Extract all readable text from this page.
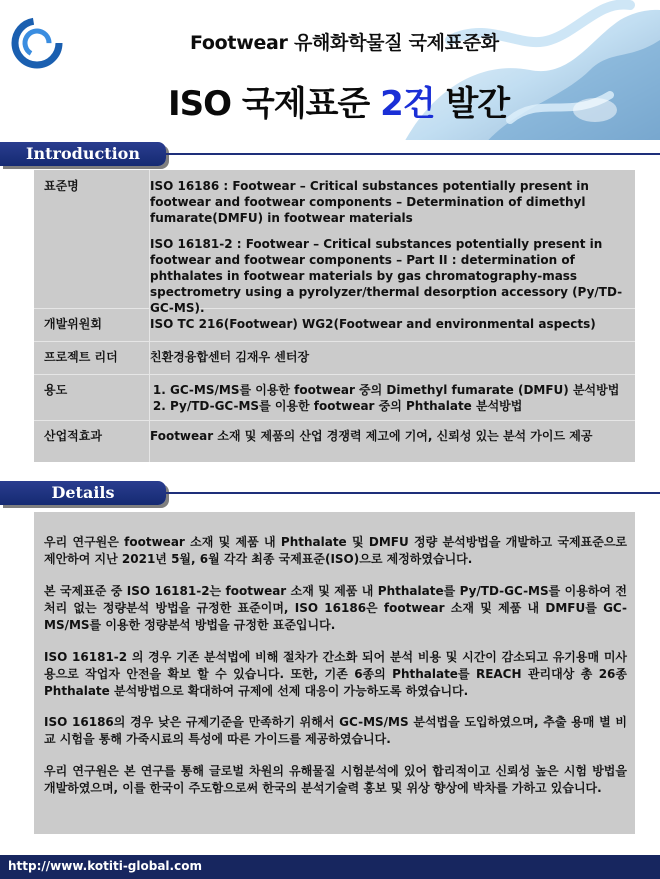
Footwear 유해화학물질 국제표준화
ISO 국제표준 2건 발간
Introduction
표준명	ISO 16186 : Footwear – Critical substances potentially present in footwear and footwear components – Determination of dimethyl fumarate(DMFU) in footwear materials

ISO 16181-2 : Footwear – Critical substances potentially present in footwear and footwear components – Part II : determination of phthalates in footwear materials by gas chromatography-mass spectrometry using a pyrolyzer/thermal desorption accessory (Py/TD-GC-MS).

개발위원회	ISO TC 216(Footwear) WG2(Footwear and environmental aspects)
프로젝트 리더	친환경융합센터 김재우 센터장
용도
1.	GC-MS/MS를 이용한 footwear 중의 Dimethyl fumarate (DMFU) 분석방법
2. Py/TD-GC-MS를 이용한 footwear 중의 Phthalate 분석방법
산업적효과	Footwear 소재 및 제품의 산업 경쟁력 제고에 기여, 신뢰성 있는 분석 가이드 제공
Details

우리 연구원은 footwear 소재 및 제품 내 Phthalate 및 DMFU 정량 분석방법을 개발하고 국제표준으로 제안하여 지난 2021년 5월, 6월 각각 최종 국제표준(ISO)으로 제정하였습니다.

본 국제표준 중 ISO 16181-2는 footwear 소재 및 제품 내 Phthalate를 Py/TD-GC-MS를 이용하여 전처리 없는 정량분석 방법을 규정한 표준이며, ISO 16186은 footwear 소재 및 제품 내 DMFU를 GC-MS/MS를 이용한 정량분석 방법을 규정한 표준입니다.

ISO 16181-2 의 경우 기존 분석법에 비해 절차가 간소화 되어 분석 비용 및 시간이 감소되고 유기용매 미사용으로 작업자 안전을 확보 할 수 있습니다. 또한, 기존 6종의 Phthalate를 REACH 관리대상 총 26종 Phthalate 분석방법으로 확대하여 규제에 선제 대응이 가능하도록 하였습니다.

ISO 16186의 경우 낮은 규제기준을 만족하기 위해서 GC-MS/MS 분석법을 도입하였으며, 추출 용매 별 비교 시험을 통해 가죽시료의 특성에 따른 가이드를 제공하였습니다.

우리 연구원은 본 연구를 통해 글로벌 차원의 유해물질 시험분석에 있어 합리적이고 신뢰성 높은 시험 방법을 개발하였으며, 이를 한국이 주도함으로써 한국의 분석기술력 홍보 및 위상 향상에 박차를 가하고 있습니다.

http://www.kotiti-global.com
